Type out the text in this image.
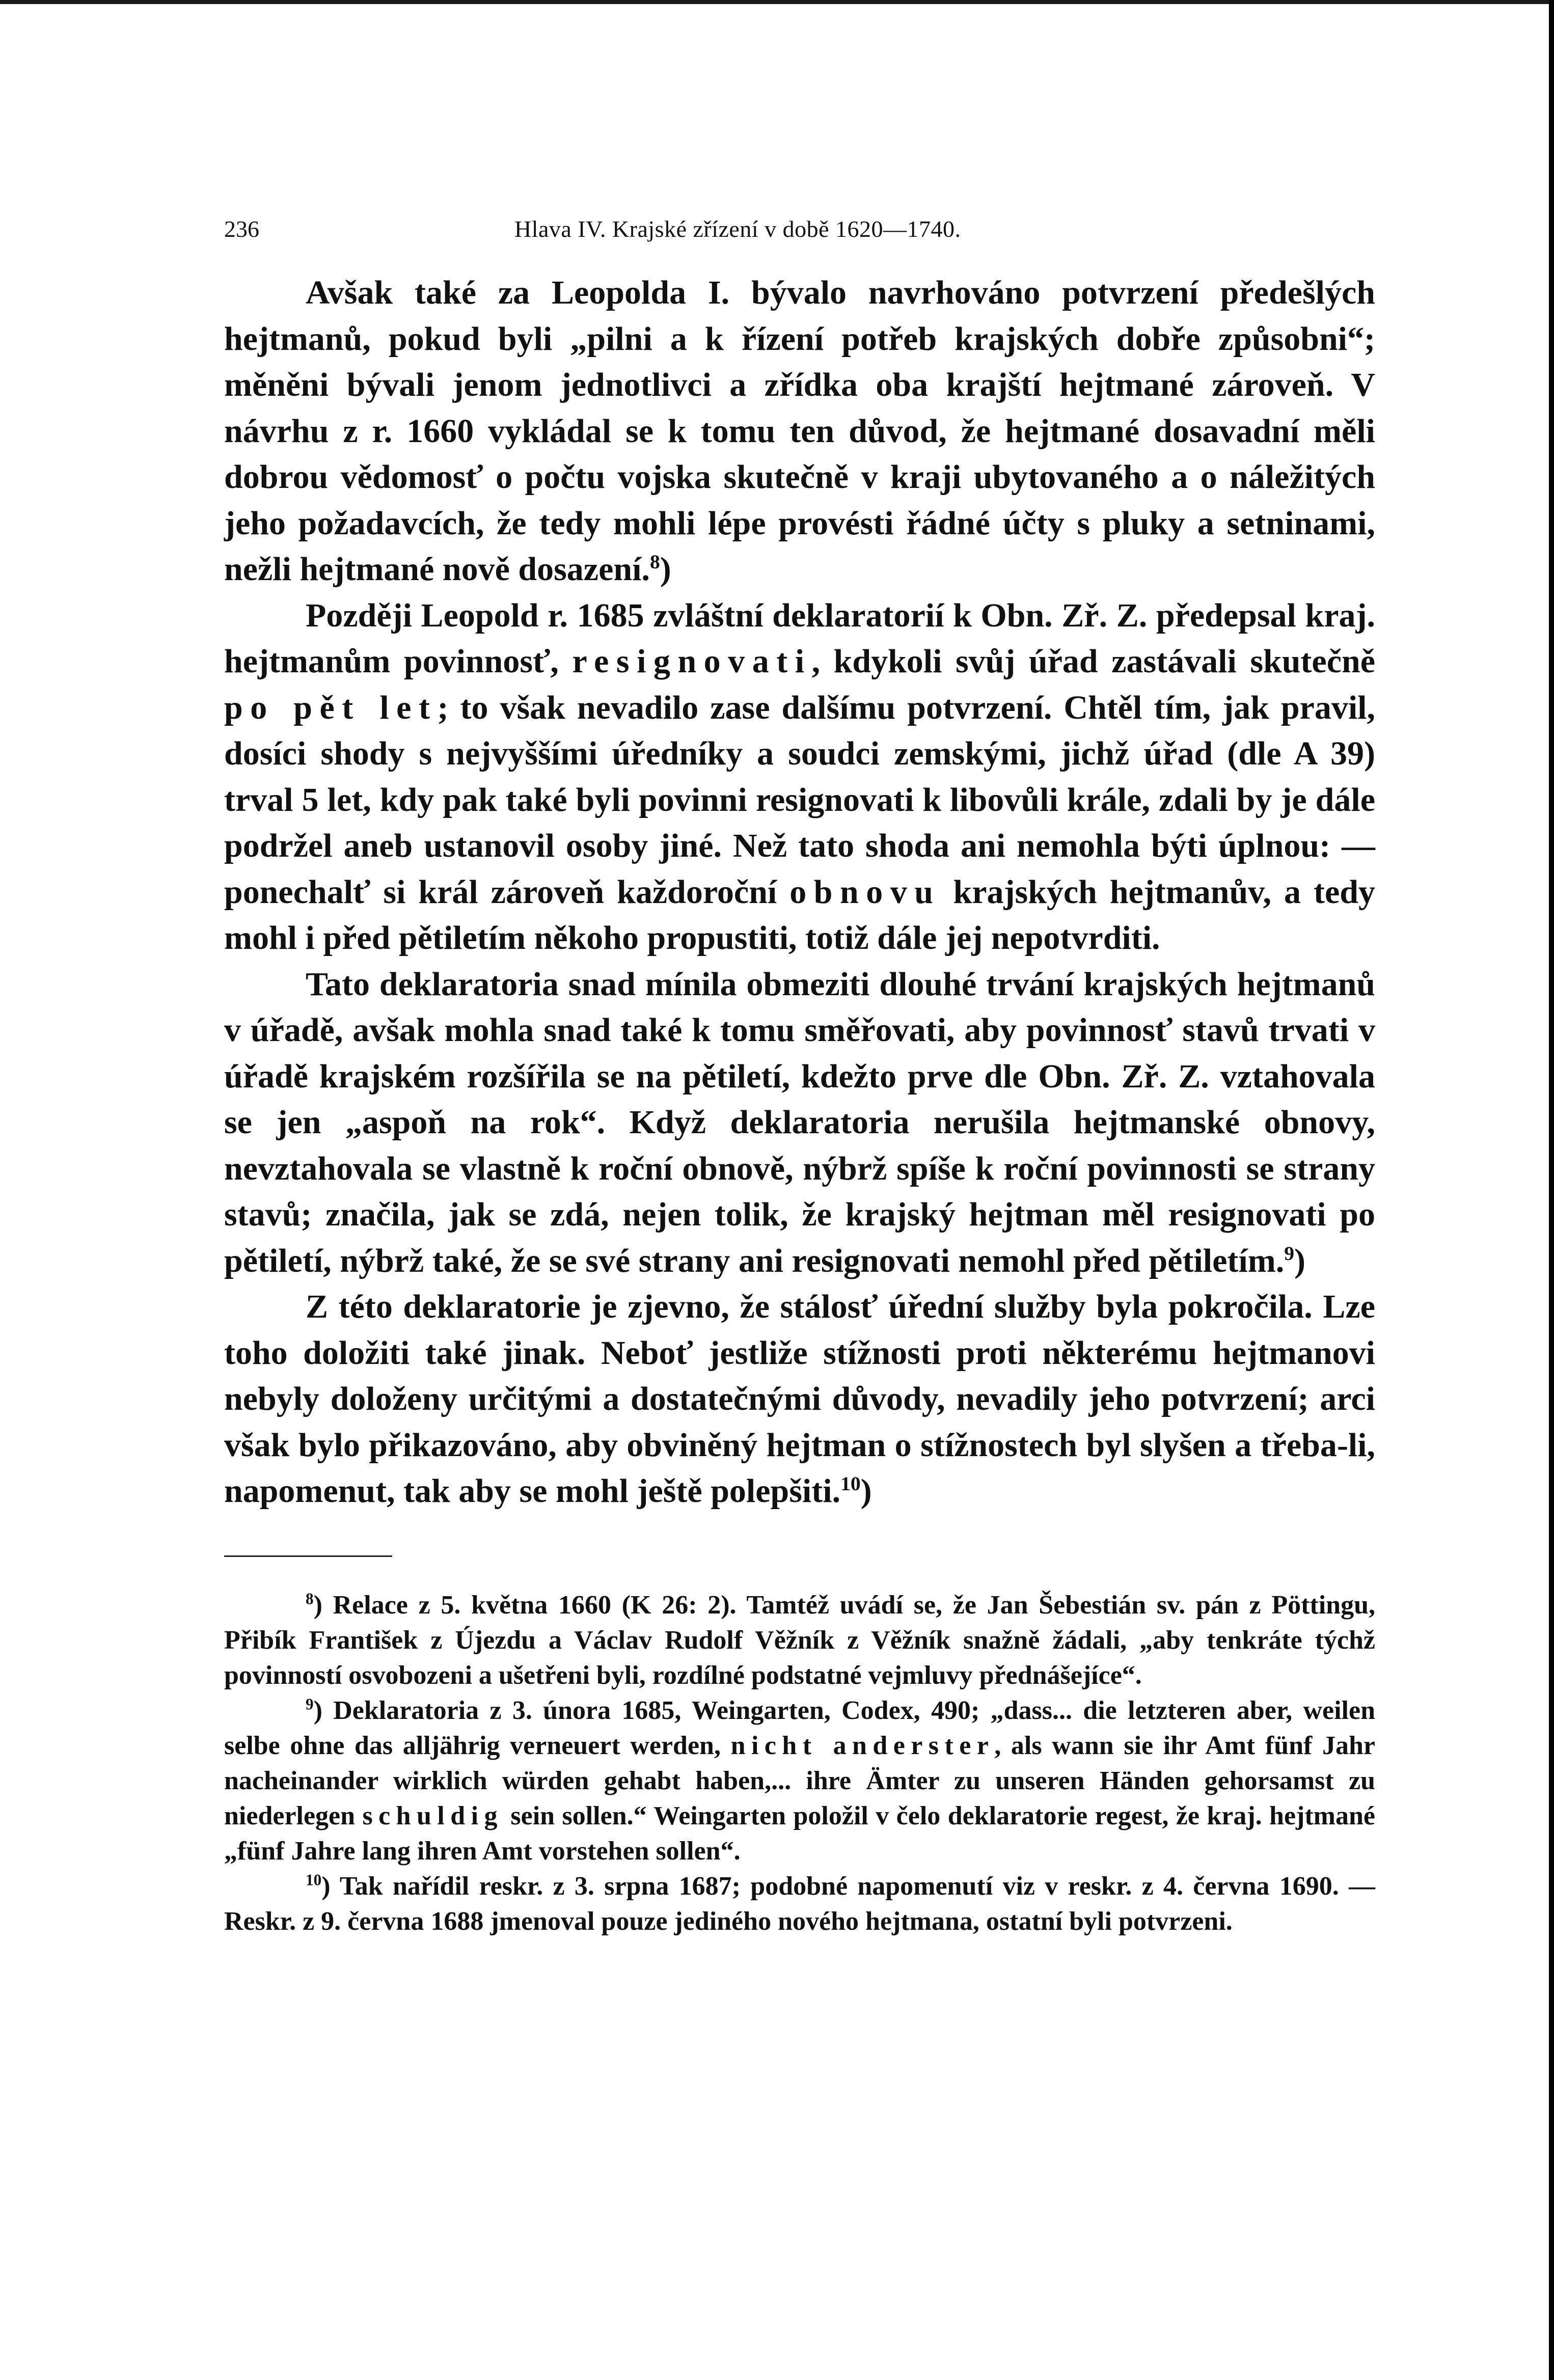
236	Hlava IV. Krajské zřízení v době 1620—1740.

Avšak také za Leopolda I. bývalo navrhováno potvrzení předešlých hejtmanů, pokud byli „pilni a k řízení potřeb krajských dobře způsobni“; měněni bývali jenom jednotlivci a zřídka oba krajští hejtmané zároveň. V návrhu z r. 1660 vykládal se k tomu ten důvod, že hejtmané dosavadní měli dobrou vědomosť o počtu vojska skutečně v kraji ubytovaného a o náležitých jeho požadavcích, že tedy mohli lépe provésti řádné účty s pluky a setninami, nežli hejtmané nově dosazení.$^8$)

Později Leopold r. 1685 zvláštní deklaratorií k Obn. Zř. Z. předepsal kraj. hejtmanům povinnosť, resignovati, kdykoli svůj úřad zastávali skutečně po pět let; to však nevadilo zase dalšímu potvrzení. Chtěl tím, jak pravil, dosíci shody s nejvyššími úředníky a soudci zemskými, jichž úřad (dle A 39) trval 5 let, kdy pak také byli povinni resignovati k libovůli krále, zdali by je dále podržel aneb ustanovil osoby jiné. Než tato shoda ani nemohla býti úplnou: — ponechalť si král zároveň každoroční obnovu krajských hejtmanův, a tedy mohl i před pětiletím někoho propustiti, totiž dále jej nepotvrditi.

Tato deklaratoria snad mínila obmeziti dlouhé trvání krajských hejtmanů v úřadě, avšak mohla snad také k tomu směřovati, aby povinnosť stavů trvati v úřadě krajském rozšířila se na pětiletí, kdežto prve dle Obn. Zř. Z. vztahovala se jen „aspoň na rok“. Když deklaratoria nerušila hejtmanské obnovy, nevztahovala se vlastně k roční obnově, nýbrž spíše k roční povinnosti se strany stavů; značila, jak se zdá, nejen tolik, že krajský hejtman měl resignovati po pětiletí, nýbrž také, že se své strany ani resignovati nemohl před pětiletím.$^9$)

Z této deklaratorie je zjevno, že stálosť úřední služby byla pokročila. Lze toho doložiti také jinak. Neboť jestliže stížnosti proti některému hejtmanovi nebyly doloženy určitými a dostatečnými důvody, nevadily jeho potvrzení; arci však bylo přikazováno, aby obviněný hejtman o stížnostech byl slyšen a třeba-li, napomenut, tak aby se mohl ještě polepšiti.$^{10}$)

$^8$) Relace z 5. května 1660 (K 26: 2). Tamtéž uvádí se, že Jan Šebestián sv. pán z Pöttingu, Přibík František z Újezdu a Václav Rudolf Věžník z Věžník snažně žádali, „aby tenkráte týchž povinností osvobozeni a ušetřeni byli, rozdílné podstatné vejmluvy přednášejíce“.

$^9$) Deklaratoria z 3. února 1685, Weingarten, Codex, 490; „dass... die letzteren aber, weilen selbe ohne das alljährig verneuert werden, nicht anderster, als wann sie ihr Amt fünf Jahr nacheinander wirklich würden gehabt haben,... ihre Ämter zu unseren Händen gehorsamst zu niederlegen schuldig sein sollen.“ Weingarten položil v čelo deklaratorie regest, že kraj. hejtmané „fünf Jahre lang ihren Amt vorstehen sollen“.

$^{10}$) Tak nařídil reskr. z 3. srpna 1687; podobné napomenutí viz v reskr. z 4. června 1690. — Reskr. z 9. června 1688 jmenoval pouze jediného nového hejtmana, ostatní byli potvrzeni.
